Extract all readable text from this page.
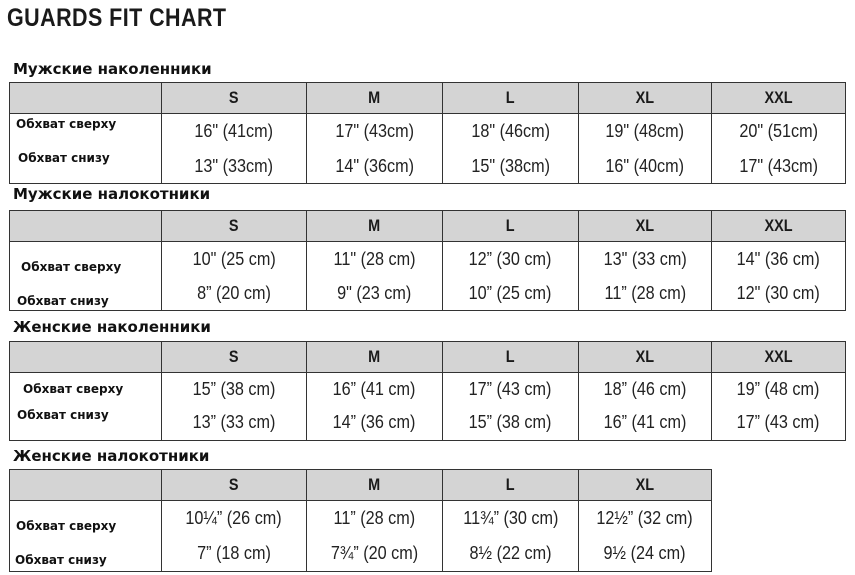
GUARDS FIT CHART
Мужские наколенники
	S	M	L	XL	XXL
Обхват сверху	16" (41cm)	17" (43cm)	18" (46cm)	19" (48cm)	20" (51cm)
Обхват снизу	13" (33cm)	14" (36cm)	15" (38cm)	16" (40cm)	17" (43cm)
Мужские налокотники
	S	M	L	XL	XXL
Обхват сверху	10" (25 cm)	11" (28 cm)	12” (30 cm)	13" (33 cm)	14" (36 cm)
Обхват снизу	8” (20 cm)	9" (23 cm)	10” (25 cm)	11” (28 cm)	12" (30 cm)
Женские наколенники
	S	M	L	XL	XXL
Обхват сверху	15” (38 cm)	16” (41 cm)	17” (43 cm)	18” (46 cm)	19” (48 cm)
Обхват снизу	13” (33 cm)	14” (36 cm)	15” (38 cm)	16” (41 cm)	17” (43 cm)
Женские налокотники
	S	M	L	XL
Обхват сверху	10¼” (26 cm)	11” (28 cm)	11¾” (30 cm)	12½” (32 cm)
Обхват снизу	7” (18 cm)	7¾” (20 cm)	8½ (22 cm)	9½ (24 cm)
